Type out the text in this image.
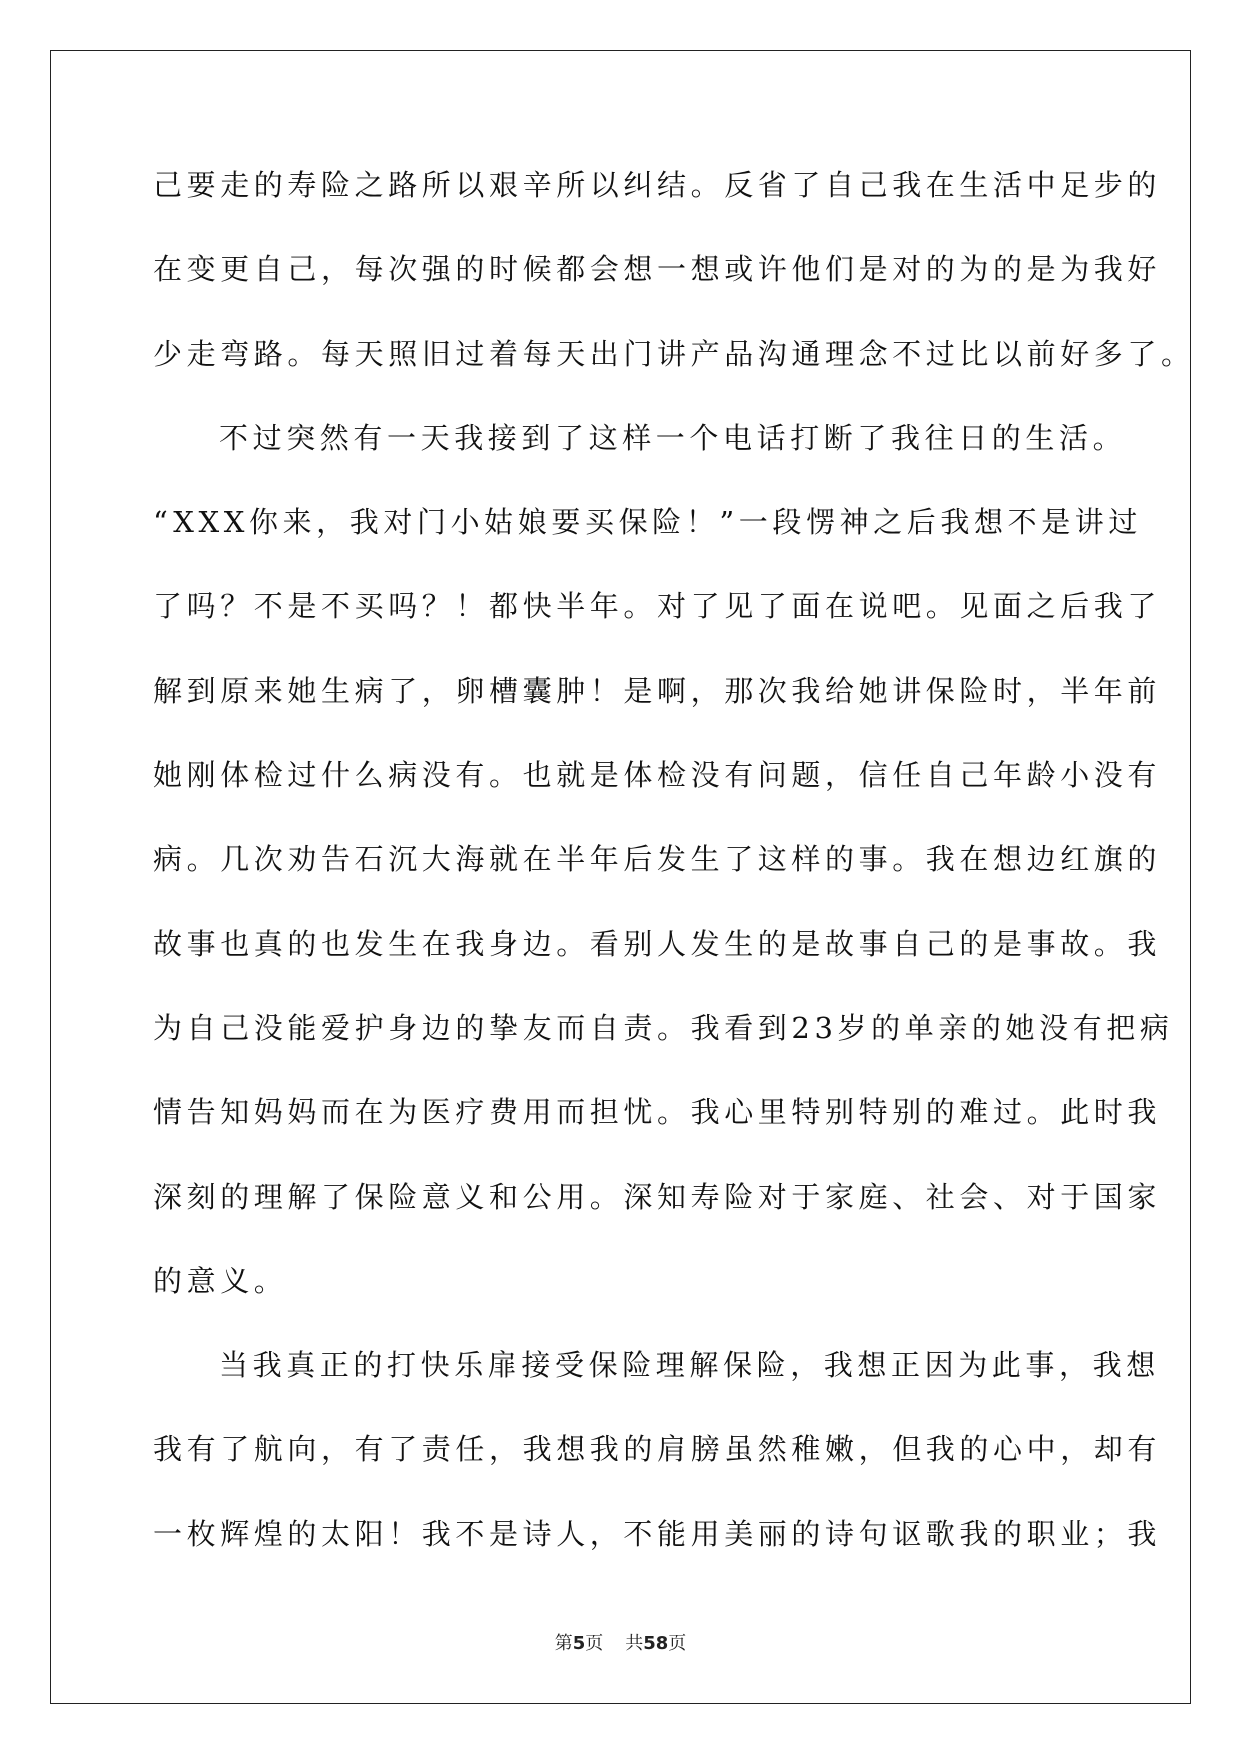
己要走的寿险之路所以艰辛所以纠结。反省了自己我在生活中足步的
在变更自己，每次强的时候都会想一想或许他们是对的为的是为我好
少走弯路。每天照旧过着每天出门讲产品沟通理念不过比以前好多了。
不过突然有一天我接到了这样一个电话打断了我往日的生活。
“XXX你来，我对门小姑娘要买保险！”一段愣神之后我想不是讲过
了吗？不是不买吗？！都快半年。对了见了面在说吧。见面之后我了
解到原来她生病了，卵槽囊肿！是啊，那次我给她讲保险时，半年前
她刚体检过什么病没有。也就是体检没有问题，信任自己年龄小没有
病。几次劝告石沉大海就在半年后发生了这样的事。我在想边红旗的
故事也真的也发生在我身边。看别人发生的是故事自己的是事故。我
为自己没能爱护身边的挚友而自责。我看到23岁的单亲的她没有把病
情告知妈妈而在为医疗费用而担忧。我心里特别特别的难过。此时我
深刻的理解了保险意义和公用。深知寿险对于家庭、社会、对于国家
的意义。
当我真正的打快乐扉接受保险理解保险，我想正因为此事，我想
我有了航向，有了责任，我想我的肩膀虽然稚嫩，但我的心中，却有
一枚辉煌的太阳！我不是诗人，不能用美丽的诗句讴歌我的职业；我
第5页 共58页
